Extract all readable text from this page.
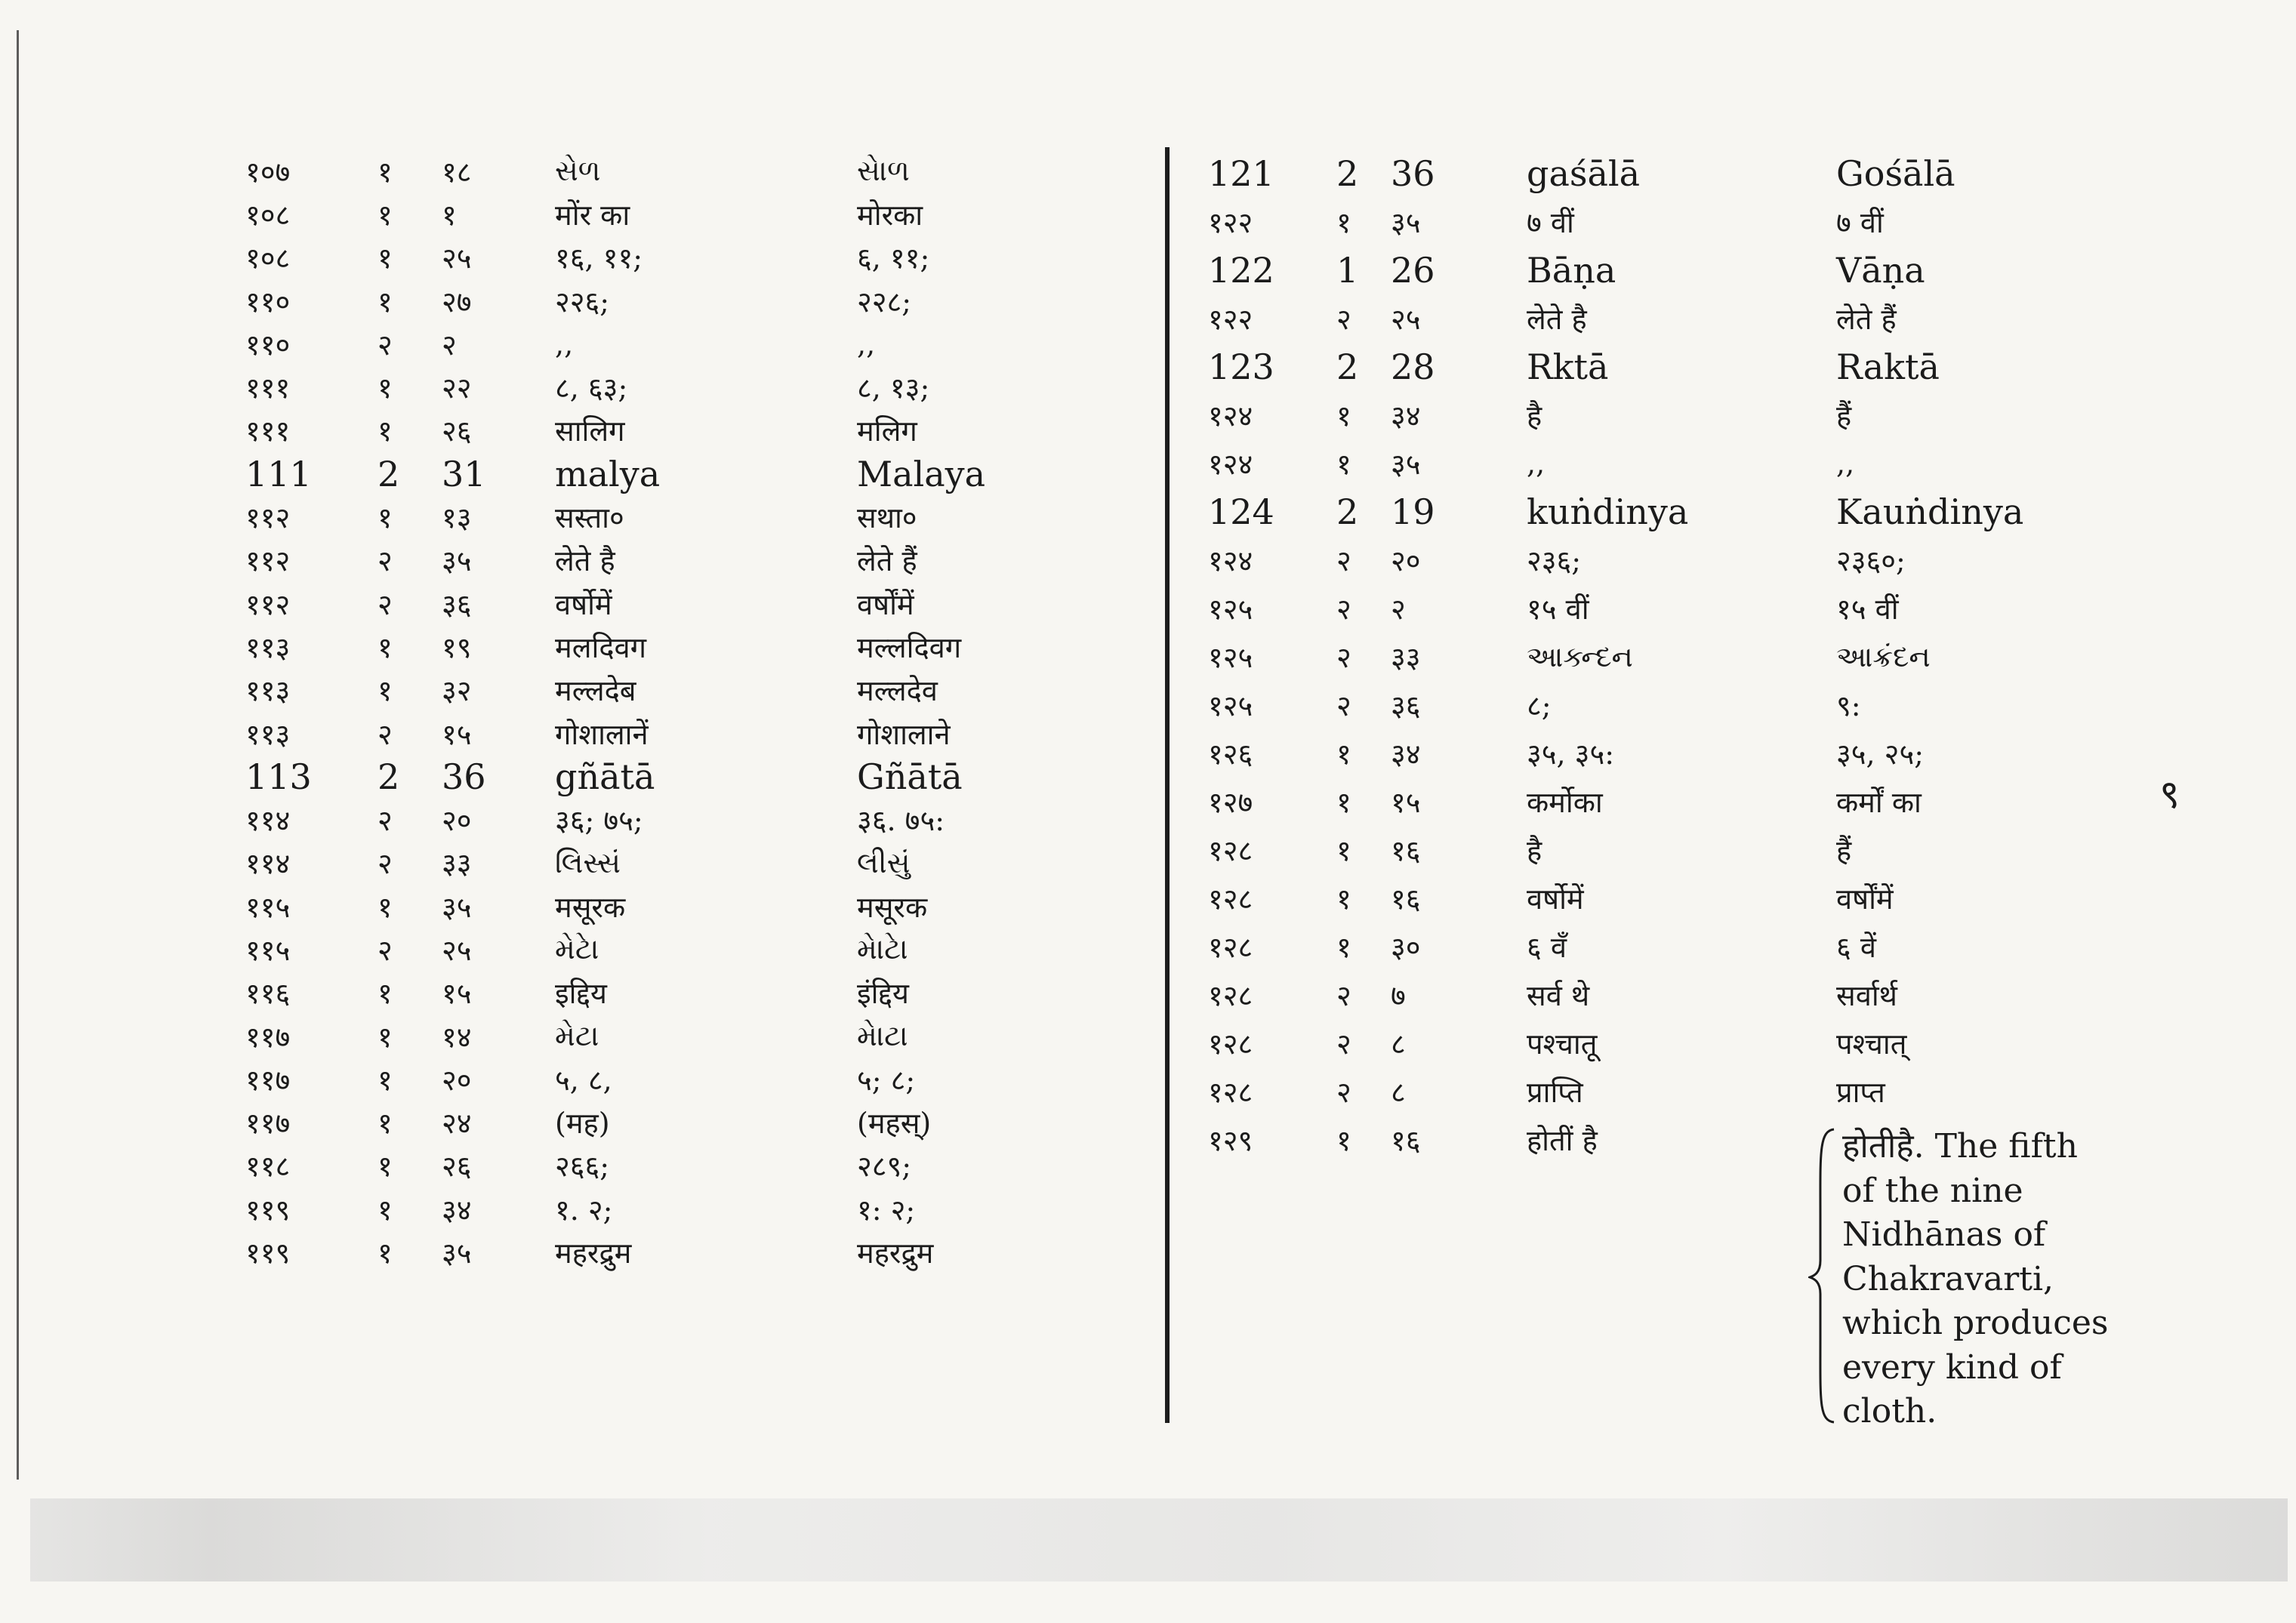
१०७	१	१८	સેળ	સેાળ
१०८	१	१	मोंर का	मोरका
१०८	१	२५	१६, ११;	६, ११;
११०	१	२७	२२६;	२२८;
११०	२	२	,,	,,
१११	१	२२	८, ६३;	८, १३;
१११	१	२६	सालिग	मलिग
111	2	31	malya	Malaya
११२	१	१३	सस्ता०	सथा०
११२	२	३५	लेते है	लेते हैं
११२	२	३६	वर्षोमें	वर्षोंमें
११३	१	१९	मलदिवग	मल्लदिवग
११३	१	३२	मल्लदेब	मल्लदेव
११३	२	१५	गोशालानें	गोशालाने
113	2	36	gñātā	Gñātā
११४	२	२०	३६; ७५;	३६. ७५:
११४	२	३३	લિસ્સં	લીસું
११५	१	३५	मसूरक	मसूरक
११५	२	२५	મેટેા	મેાટેા
११६	१	१५	इद्दिय	इंद्दिय
११७	१	१४	મેટા	મેાટા
११७	१	२०	५, ८,	५; ८;
११७	१	२४	(मह)	(महस्)
११८	१	२६	२६६;	२८९;
११९	१	३४	१. २;	१: २;
११९	१	३५	महरद्रुम	महरद्रुम
121	2	36	gaśālā	Gośālā
१२२	१	३५	७ वीं	७ वीं
122	1	26	Bāṇa	Vāṇa
१२२	२	२५	लेते है	लेते हैं
123	2	28	Rktā	Raktā
१२४	१	३४	है	हैं
१२४	१	३५	,,	,,
124	2	19	kuṅdinya	Kauṅdinya
१२४	२	२०	२३६;	२३६०;
१२५	२	२	१५ वीं	१५ वीं
१२५	२	३३	આક્ન્દન	આક્રંદન
१२५	२	३६	८;	९:
१२६	१	३४	३५, ३५:	३५, २५;
१२७	१	१५	कर्मोका	कर्मों का
१२८	१	१६	है	हैं
१२८	१	१६	वर्षोमें	वर्षोंमें
१२८	१	३०	६ वँ	६ वें
१२८	२	७	सर्व थे	सर्वार्थ
१२८	२	८	पश्चातू	पश्चात्
१२८	२	८	प्राप्ति	प्राप्त
१२९	१	१६	होतीं है		होतीहै. The fifth
of the nine
Nidhānas of
Chakravarti,
which produces
every kind of
cloth.
९
